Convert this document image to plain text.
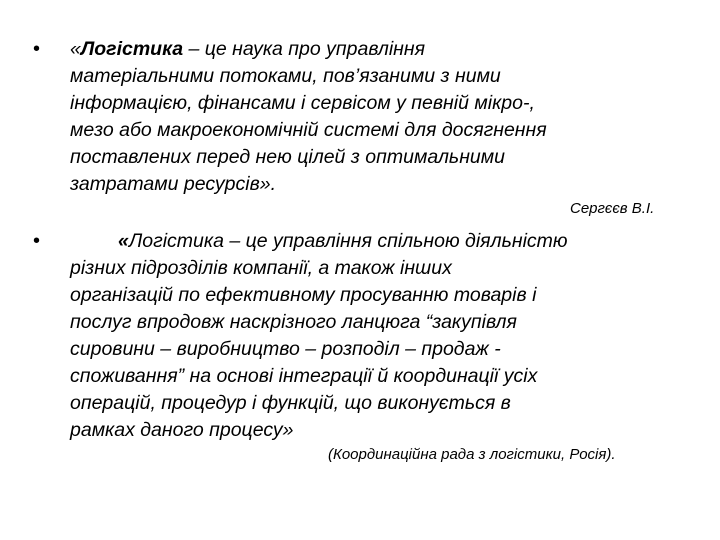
• «Логістика – це наука про управління
матеріальними потоками, пов’язаними з ними
інформацією, фінансами і сервісом у певній мікро-,
мезо або макроекономічній системі для досягнення
поставлених перед нею цілей з оптимальними
затратами ресурсів».
Сергєєв В.І.
•	«Логістика – це управління спільною діяльністю
різних підрозділів компанії, а також інших
організацій по ефективному просуванню товарів і
послуг впродовж наскрізного ланцюга “закупівля
сировини – виробництво – розподіл – продаж -
споживання” на основі інтеграції й координації усіх
операцій, процедур і функцій, що виконується в
рамках даного процесу»
(Координаційна рада з логістики, Росія).
